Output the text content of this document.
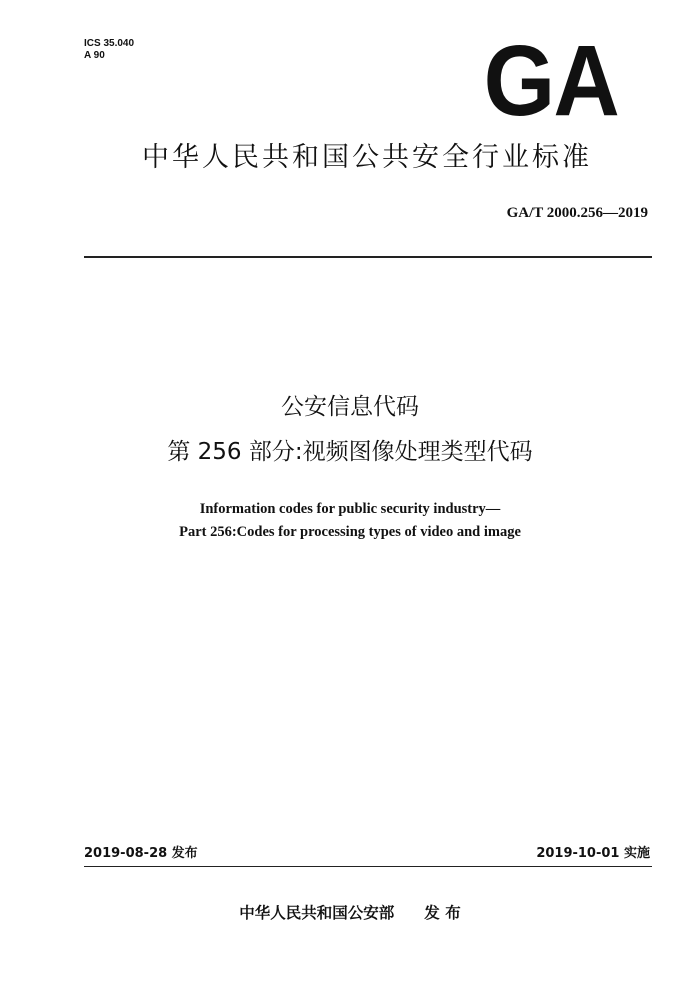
ICS 35.040
A 90	GA
中华人民共和国公共安全行业标准
GA/T 2000.256—2019
公安信息代码
第 256 部分:视频图像处理类型代码
Information codes for public security industry—
Part 256:Codes for processing types of video and image
2019-08-28 发布	2019-10-01 实施
中华人民共和国公安部 发 布
